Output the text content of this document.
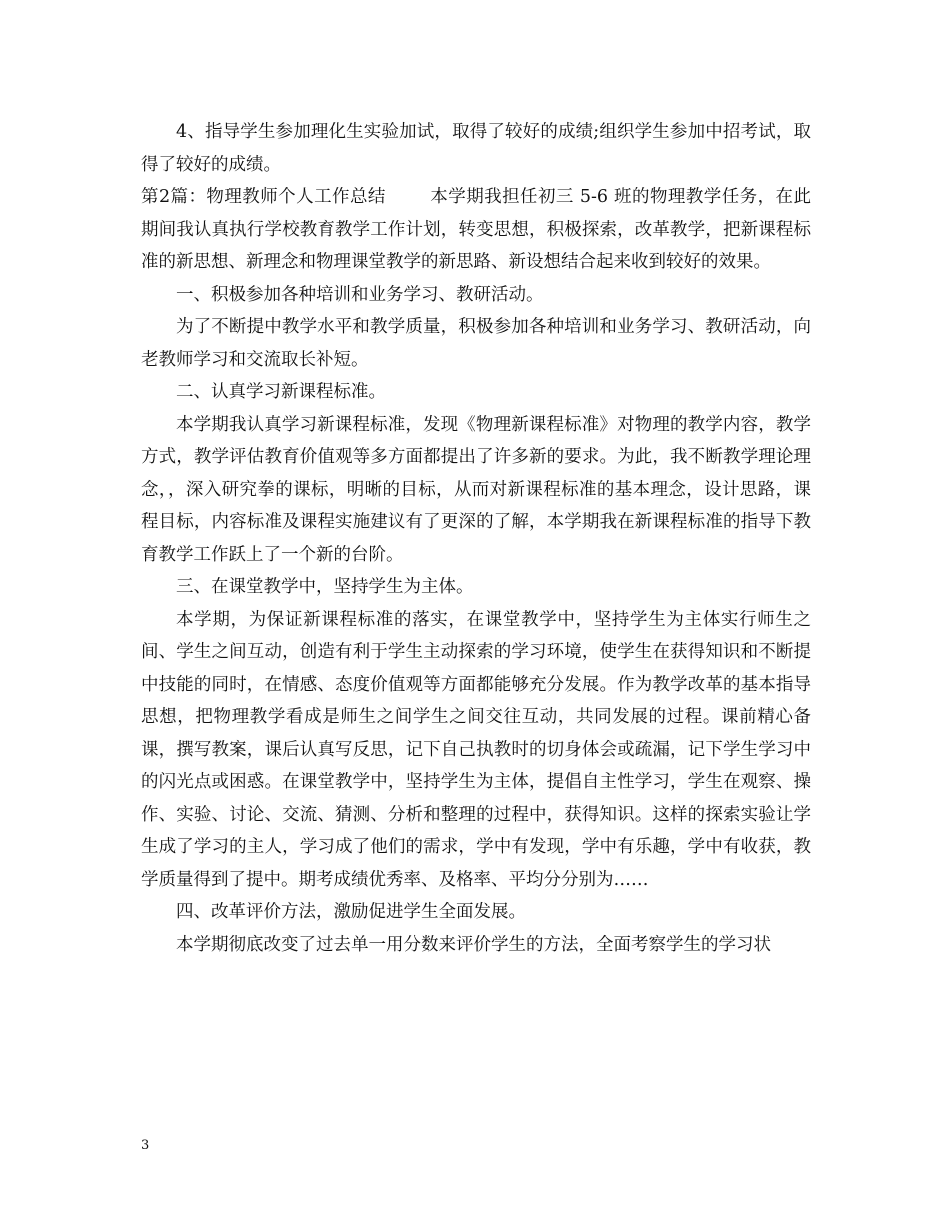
4、指导学生参加理化生实验加试，取得了较好的成绩;组织学生参加中招考试，取得了较好的成绩。

第2篇：物理教师个人工作总结	本学期我担任初三 5-6 班的物理教学任务，在此期间我认真执行学校教育教学工作计划，转变思想，积极探索，改革教学，把新课程标准的新思想、新理念和物理课堂教学的新思路、新设想结合起来收到较好的效果。

一、积极参加各种培训和业务学习、教研活动。

为了不断提中教学水平和教学质量，积极参加各种培训和业务学习、教研活动，向老教师学习和交流取长补短。

二、认真学习新课程标准。

本学期我认真学习新课程标准，发现《物理新课程标准》对物理的教学内容，教学方式，教学评估教育价值观等多方面都提出了许多新的要求。为此，我不断教学理论理念，，深入研究拳的课标，明晰的目标，从而对新课程标准的基本理念，设计思路，课程目标，内容标准及课程实施建议有了更深的了解，本学期我在新课程标准的指导下教育教学工作跃上了一个新的台阶。

三、在课堂教学中，坚持学生为主体。

本学期，为保证新课程标准的落实，在课堂教学中，坚持学生为主体实行师生之间、学生之间互动，创造有利于学生主动探索的学习环境，使学生在获得知识和不断提中技能的同时，在情感、态度价值观等方面都能够充分发展。作为教学改革的基本指导思想，把物理教学看成是师生之间学生之间交往互动，共同发展的过程。课前精心备课，撰写教案，课后认真写反思，记下自己执教时的切身体会或疏漏，记下学生学习中的闪光点或困惑。在课堂教学中，坚持学生为主体，提倡自主性学习，学生在观察、操作、实验、讨论、交流、猜测、分析和整理的过程中，获得知识。这样的探索实验让学生成了学习的主人，学习成了他们的需求，学中有发现，学中有乐趣，学中有收获，教学质量得到了提中。期考成绩优秀率、及格率、平均分分别为……

四、改革评价方法，激励促进学生全面发展。

本学期彻底改变了过去单一用分数来评价学生的方法，全面考察学生的学习状

3
